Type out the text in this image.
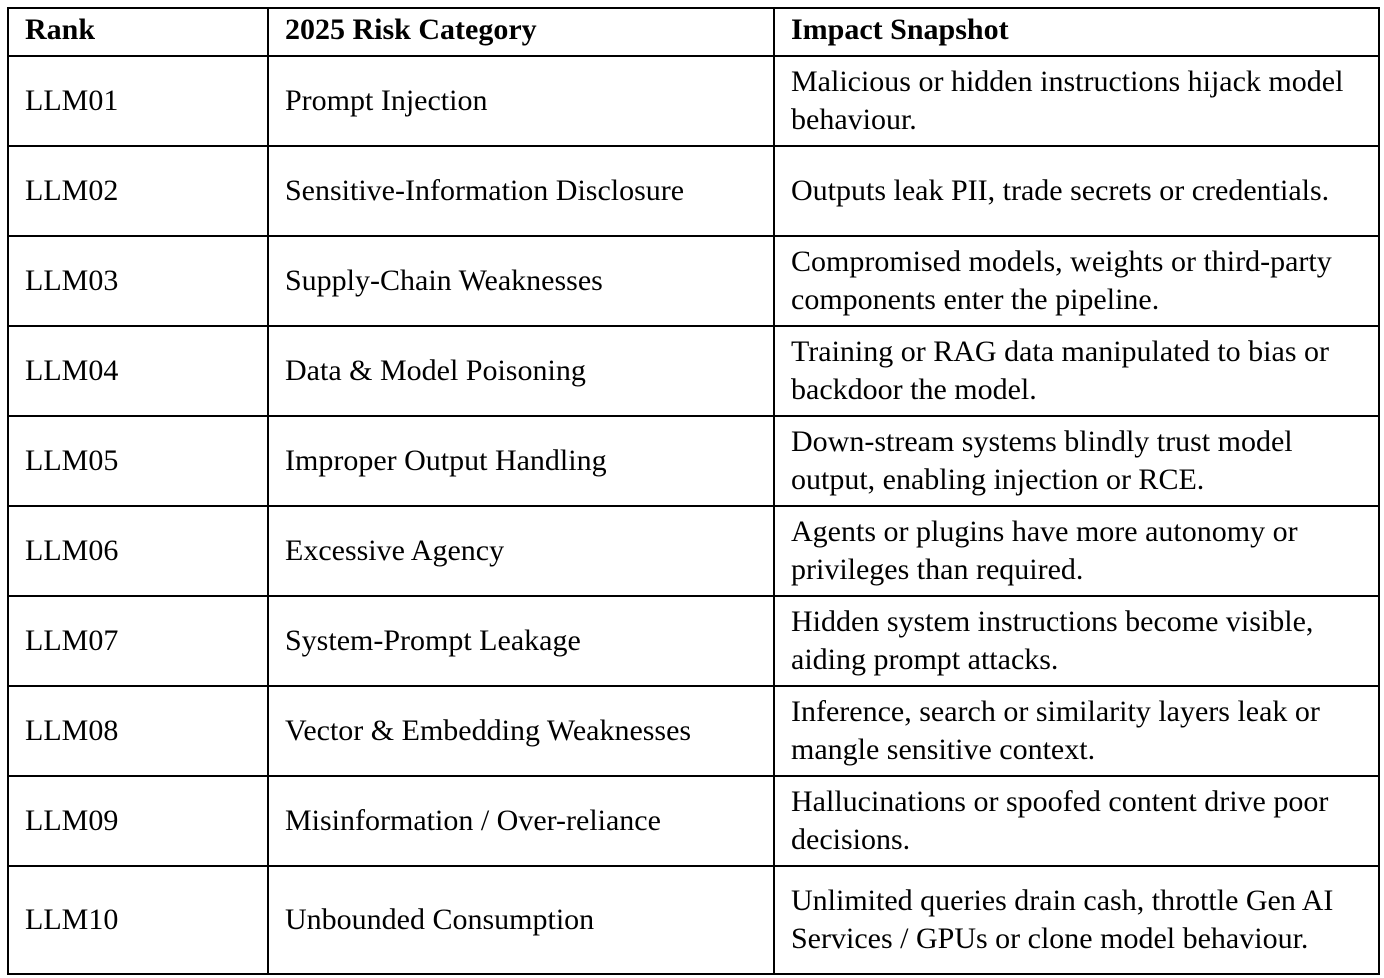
Rank	2025 Risk Category	Impact Snapshot
LLM01	Prompt Injection	Malicious or hidden instructions hijack model behaviour.
LLM02	Sensitive-Information Disclosure	Outputs leak PII, trade secrets or credentials.
LLM03	Supply-Chain Weaknesses	Compromised models, weights or third-party components enter the pipeline.
LLM04	Data & Model Poisoning	Training or RAG data manipulated to bias or backdoor the model.
LLM05	Improper Output Handling	Down-stream systems blindly trust model output, enabling injection or RCE.
LLM06	Excessive Agency	Agents or plugins have more autonomy or privileges than required.
LLM07	System-Prompt Leakage	Hidden system instructions become visible, aiding prompt attacks.
LLM08	Vector & Embedding Weaknesses	Inference, search or similarity layers leak or mangle sensitive context.
LLM09	Misinformation / Over-reliance	Hallucinations or spoofed content drive poor decisions.
LLM10	Unbounded Consumption	Unlimited queries drain cash, throttle Gen AI Services / GPUs or clone model behaviour.
